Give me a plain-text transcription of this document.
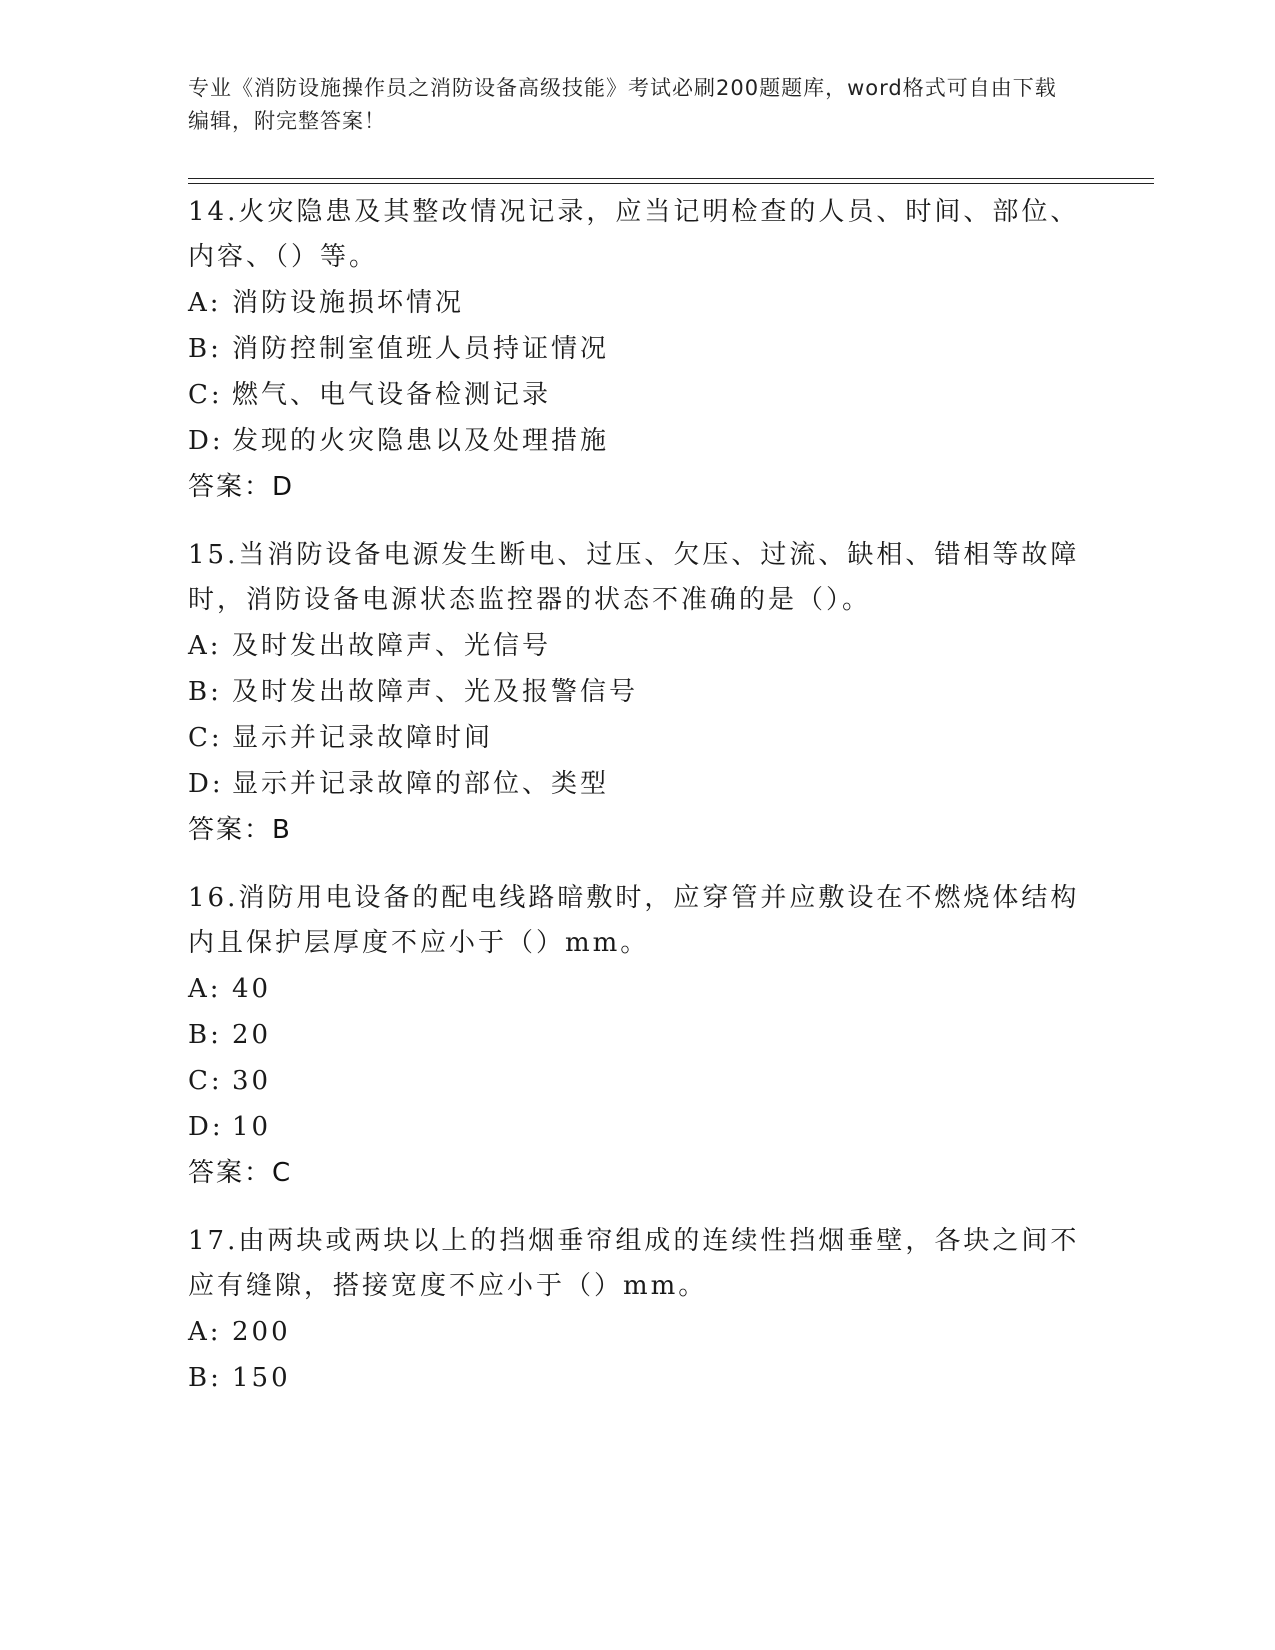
专业《消防设施操作员之消防设备高级技能》考试必刷200题题库，word格式可自由下载编辑，附完整答案！

14.火灾隐患及其整改情况记录，应当记明检查的人员、时间、部位、内容、（）等。

A: 消防设施损坏情况

B: 消防控制室值班人员持证情况

C: 燃气、电气设备检测记录

D: 发现的火灾隐患以及处理措施

答案：D

15.当消防设备电源发生断电、过压、欠压、过流、缺相、错相等故障时，消防设备电源状态监控器的状态不准确的是（）。

A: 及时发出故障声、光信号

B: 及时发出故障声、光及报警信号

C: 显示并记录故障时间

D: 显示并记录故障的部位、类型

答案：B

16.消防用电设备的配电线路暗敷时，应穿管并应敷设在不燃烧体结构内且保护层厚度不应小于（）mm。

A: 40

B: 20

C: 30

D: 10

答案：C

17.由两块或两块以上的挡烟垂帘组成的连续性挡烟垂壁，各块之间不应有缝隙，搭接宽度不应小于（）mm。

A: 200

B: 150
